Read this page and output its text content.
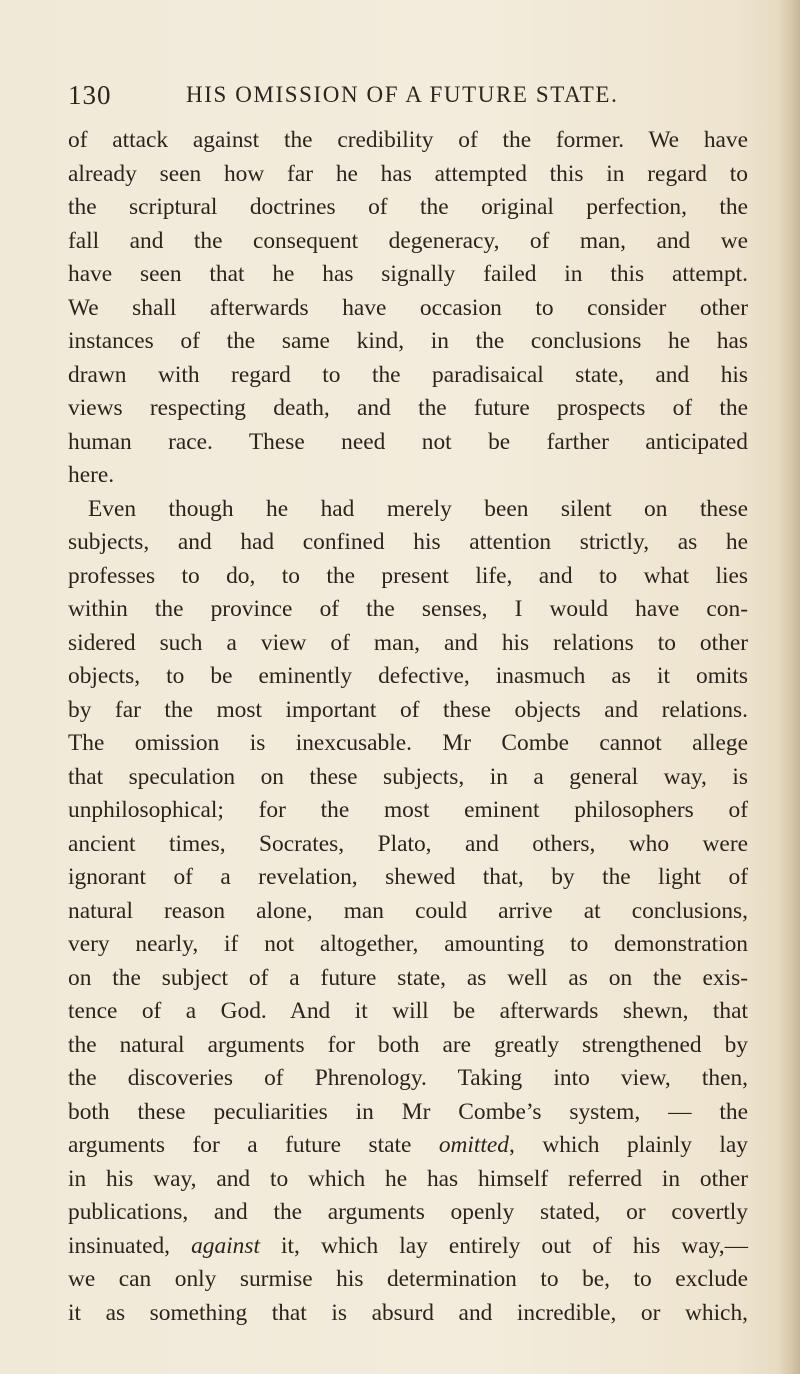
130	HIS OMISSION OF A FUTURE STATE.
of attack against the credibility of the former. We have
already seen how far he has attempted this in regard to
the scriptural doctrines of the original perfection, the
fall and the consequent degeneracy, of man, and we
have seen that he has signally failed in this attempt.
We shall afterwards have occasion to consider other
instances of the same kind, in the conclusions he has
drawn with regard to the paradisaical state, and his
views respecting death, and the future prospects of the
human race. These need not be farther anticipated
here.
Even though he had merely been silent on these
subjects, and had confined his attention strictly, as he
professes to do, to the present life, and to what lies
within the province of the senses, I would have con-
sidered such a view of man, and his relations to other
objects, to be eminently defective, inasmuch as it omits
by far the most important of these objects and relations.
The omission is inexcusable. Mr Combe cannot allege
that speculation on these subjects, in a general way, is
unphilosophical; for the most eminent philosophers of
ancient times, Socrates, Plato, and others, who were
ignorant of a revelation, shewed that, by the light of
natural reason alone, man could arrive at conclusions,
very nearly, if not altogether, amounting to demonstration
on the subject of a future state, as well as on the exis-
tence of a God. And it will be afterwards shewn, that
the natural arguments for both are greatly strengthened by
the discoveries of Phrenology. Taking into view, then,
both these peculiarities in Mr Combe’s system, — the
arguments for a future state omitted, which plainly lay
in his way, and to which he has himself referred in other
publications, and the arguments openly stated, or covertly
insinuated, against it, which lay entirely out of his way,—
we can only surmise his determination to be, to exclude
it as something that is absurd and incredible, or which,
